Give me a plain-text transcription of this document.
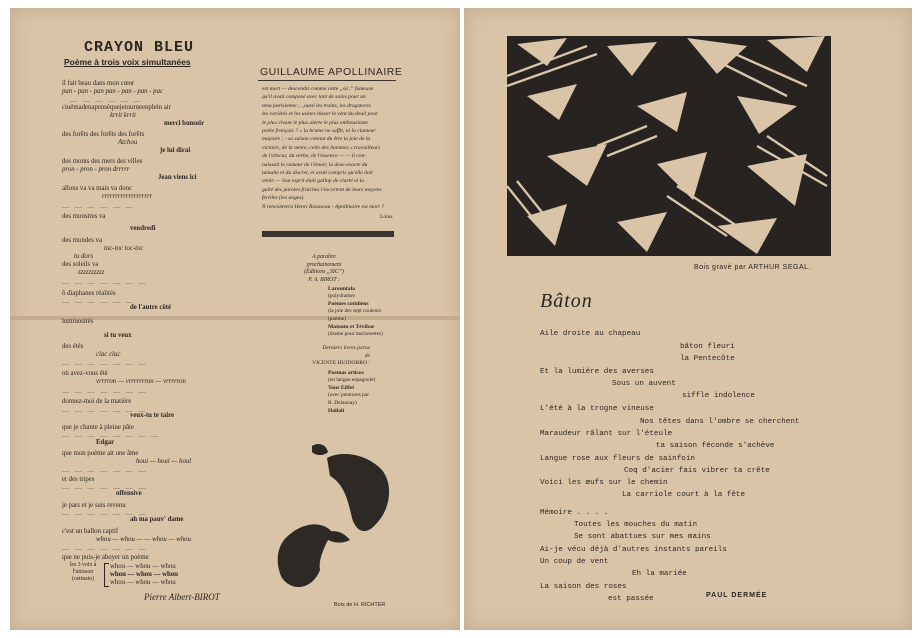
CRAYON BLEU
Poème à trois voix simultanées
il fait beau dans mon cœur
pan - pan - pan pan - pan - pan - pac
— — — — — —
ciuémadenapenséquejetourneenplein air
krrit krrit
merci bonsoir
des forêts des forêts des forêts
Atchou
je lui dirai
des monts des mers des villes
pron - pron - pron drrrrr
Jean viens ici
allons va va mais va donc
rrrrrrrrrrrrrrrrrrr
— — — — — —
des monstres va
vendredi
des mondes va
toc-toc toc-toc
tu dors
des soleils va
zzzzzzzzzz
— — — — — — —
ô diaphanes réalités
— — — — — —
de l'autre côté
luminosités
si tu veux
des étés
clac clac
— — — — — — —
où avez-vous été
vrrrron — vrrrrrrron — vrrrrron
— — — — — — —
donnez-moi de la matière
— — — — — — —
veux-tu te taire
que je chante à pleine pâte
— — — — — — — —
Edgar
que mon poème ait une âme
houi — houi — houl
— — — — — — —
et des tripes
— — — — — — —
offensive
je pars et je suis revenu
— — — — — — —
ah ma pauv' dame
c'est un ballon captif
whou — whou — — whou — whou
— — — — — — —
que ne puis-je aboyer un poème
les 3 voix à l'unisson (ostinato)
whou — whou — whou
whou — whou — whou
whou — whou — whou
Pierre Albert-BIROT
GUILLAUME APOLLINAIRE
est mort — descendit comme cette „sic.” fameuse
qu'il avait composé avec tant de soins pour un
tenu parisienne ; ,,ouvé les trains, les drugstores
les variétés et les usines hisser le vent du deuil pour
le plus vivant le plus alerte le plus enthousiaste
poète français ? » la brume ne suffit, ni la clameur
majeure ; - sa saison connut du être la joie de la
victoire, de la mètre, celle des hommes « travailleurs
de l'obscur, du verbe, de l'essence — — il con-
naissait le rameur de l'émoir, la dose exacte du
tumulte et du discret, et avait compris qu'elle doit
venir. — Son esprit était gallop de clarté et la
gaîté des paroles fraîches l'escortent de leurs moyens
fertiles (les anges).
Il rencontrera Henri Rousseau - Apollinaire est mort ?
Lolus
A paraître
prochainement
(Éditions „SIC”)
P. A. BIROT :
Larountala
(polydrame)
Poèmes cotidiens
(la joie des sept couleurs
(poème)
Matoum et Tévibar
(drame pour marionettes)
Derniers livres parus
de
VICENTE HUIDOBRO :
Poemas articos
(en langue espagnole)
Tour Eiffel
(avec peintures par
R. Delaunay)
Hallali
Bois de H. RICHTER
Bois gravé par ARTHUR SEGAL.
Bâton
Aile droite au chapeau
bâton fleuri
la Pentecôte
Et la lumière des averses
Sous un auvent
siffle indolence
L'été à la trogne vineuse
Nos têtes dans l'ombre se cherchent
Maraudeur râlant sur l'éteule
ta saison féconde s'achève
Langue rose aux fleurs de sainfoin
Coq d'acier fais vibrer ta crête
Voici les œufs sur le chemin
La carriole court à la fête
Mémoire . . . .
Toutes les mouches du matin
Se sont abattues sur mes mains
Ai-je vécu déjà d'autres instants pareils
Un coup de vent
Eh la mariée
La saison des roses
est passée	PAUL DERMÉE
